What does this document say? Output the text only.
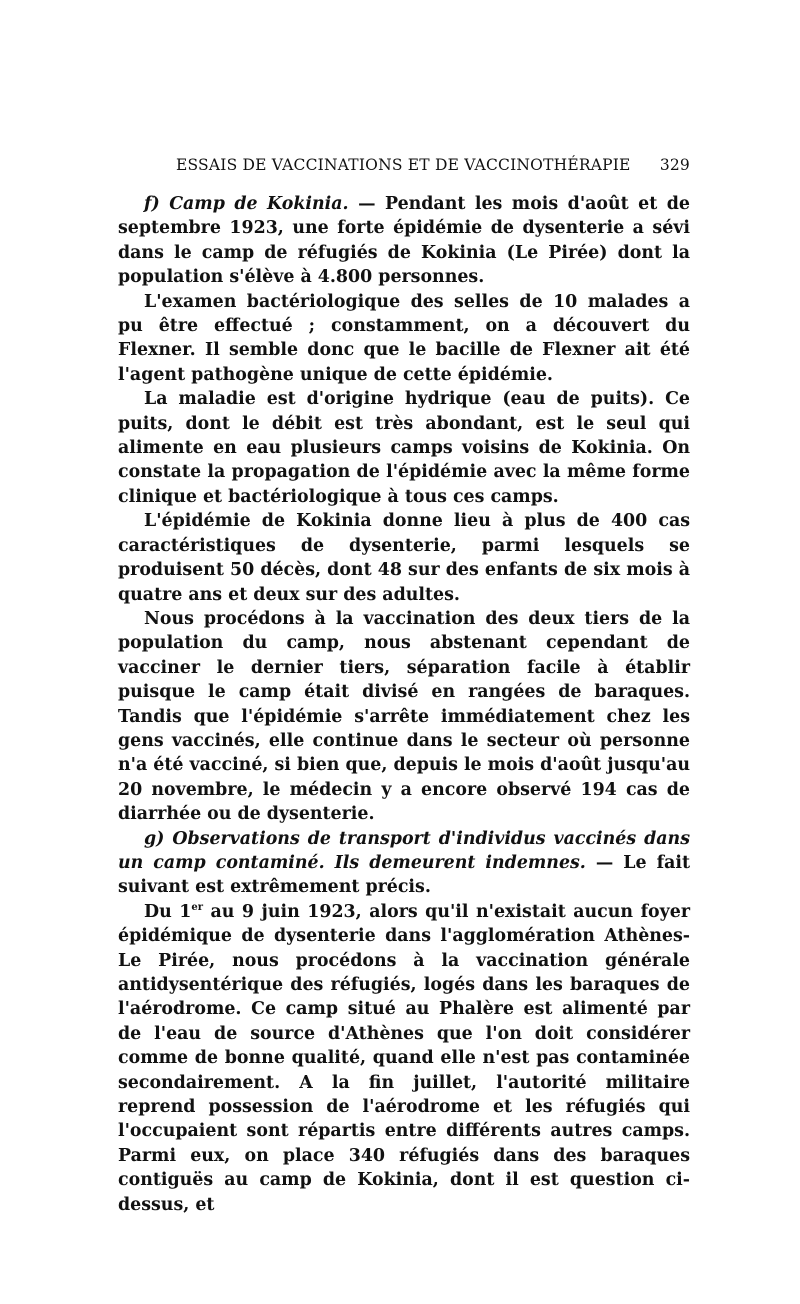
ESSAIS DE VACCINATIONS ET DE VACCINOTHÉRAPIE 329

f) Camp de Kokinia. — Pendant les mois d'août et de septembre 1923, une forte épidémie de dysenterie a sévi dans le camp de réfugiés de Kokinia (Le Pirée) dont la population s'élève à 4.800 personnes.

L'examen bactériologique des selles de 10 malades a pu être effectué ; constamment, on a découvert du Flexner. Il semble donc que le bacille de Flexner ait été l'agent pathogène unique de cette épidémie.

La maladie est d'origine hydrique (eau de puits). Ce puits, dont le débit est très abondant, est le seul qui alimente en eau plusieurs camps voisins de Kokinia. On constate la propagation de l'épidémie avec la même forme clinique et bactériologique à tous ces camps.

L'épidémie de Kokinia donne lieu à plus de 400 cas caractéristiques de dysenterie, parmi lesquels se produisent 50 décès, dont 48 sur des enfants de six mois à quatre ans et deux sur des adultes.

Nous procédons à la vaccination des deux tiers de la population du camp, nous abstenant cependant de vacciner le dernier tiers, séparation facile à établir puisque le camp était divisé en rangées de baraques. Tandis que l'épidémie s'arrête immédiatement chez les gens vaccinés, elle continue dans le secteur où personne n'a été vacciné, si bien que, depuis le mois d'août jusqu'au 20 novembre, le médecin y a encore observé 194 cas de diarrhée ou de dysenterie.

g) Observations de transport d'individus vaccinés dans un camp contaminé. Ils demeurent indemnes. — Le fait suivant est extrêmement précis.

Du 1er au 9 juin 1923, alors qu'il n'existait aucun foyer épidémique de dysenterie dans l'agglomération Athènes-Le Pirée, nous procédons à la vaccination générale antidysentérique des réfugiés, logés dans les baraques de l'aérodrome. Ce camp situé au Phalère est alimenté par de l'eau de source d'Athènes que l'on doit considérer comme de bonne qualité, quand elle n'est pas contaminée secondairement. A la fin juillet, l'autorité militaire reprend possession de l'aérodrome et les réfugiés qui l'occupaient sont répartis entre différents autres camps. Parmi eux, on place 340 réfugiés dans des baraques contiguës au camp de Kokinia, dont il est question ci-dessus, et
